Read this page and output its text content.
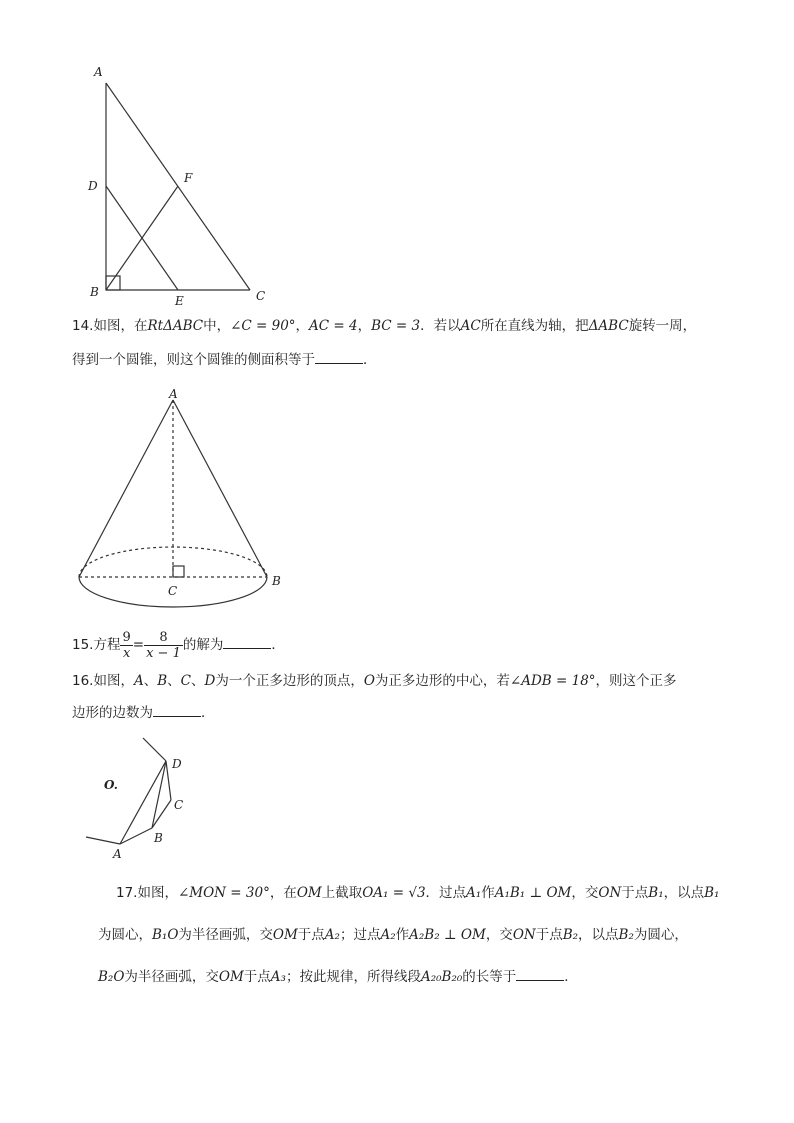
A
D
F
B
E	C
14.如图，在RtΔABC中，∠C = 90°，AC = 4，BC = 3．若以AC所在直线为轴，把ΔABC旋转一周，
得到一个圆锥，则这个圆锥的侧面积等于	．
A
B
C
15.方程 $\frac{9}{x} = \frac{8}{x - 1}$ 的解为	．
16.如图，A、B、C、D为一个正多边形的顶点，O为正多边形的中心，若∠ADB = 18°，则这个正多
边形的边数为	．
O.
A
B
C
D
17.如图，∠MON = 30°，在OM上截取OA₁ = √3．过点A₁作A₁B₁ ⊥ OM，交ON于点B₁，以点B₁
为圆心，B₁O为半径画弧，交OM于点A₂；过点A₂作A₂B₂ ⊥ OM，交ON于点B₂，以点B₂为圆心，
B₂O为半径画弧，交OM于点A₃；按此规律，所得线段A₂₀B₂₀的长等于	．
